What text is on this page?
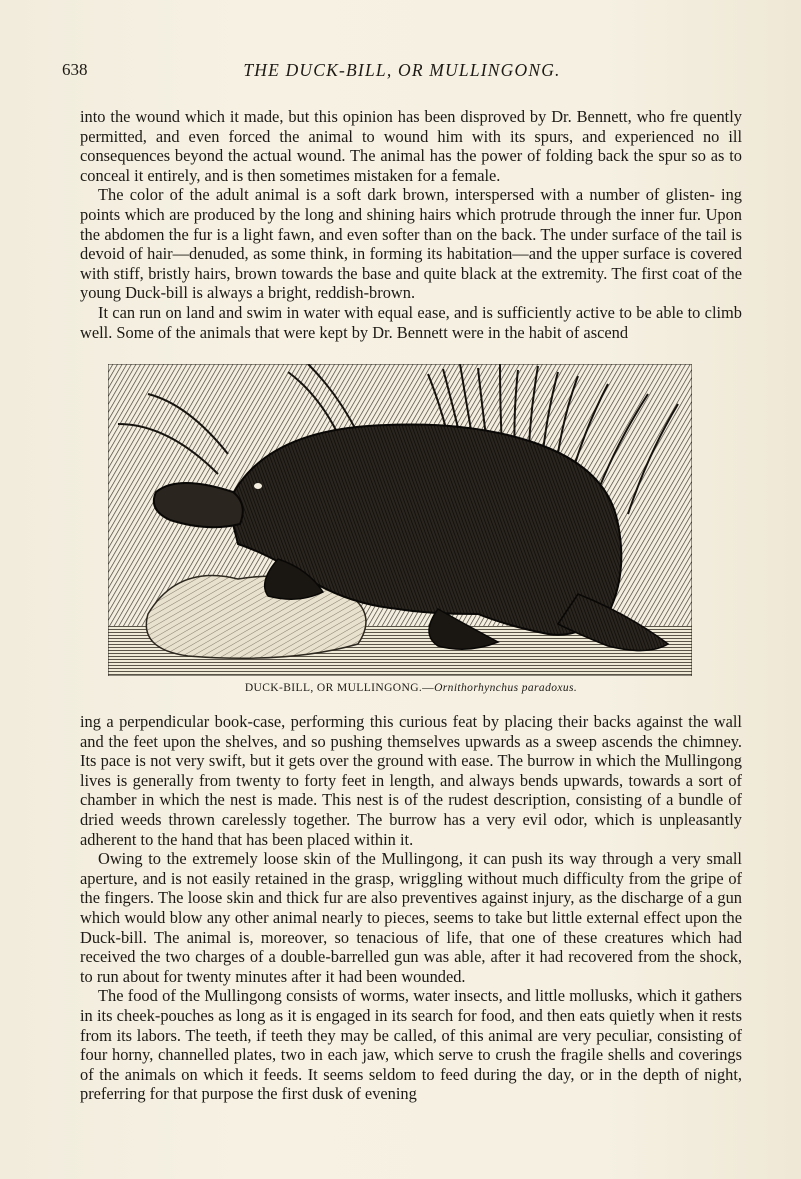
638	THE DUCK-BILL, OR MULLINGONG.

into the wound which it made, but this opinion has been disproved by Dr. Bennett, who fre quently permitted, and even forced the animal to wound him with its spurs, and experienced no ill consequences beyond the actual wound. The animal has the power of folding back the spur so as to conceal it entirely, and is then sometimes mistaken for a female.

The color of the adult animal is a soft dark brown, interspersed with a number of glisten- ing points which are produced by the long and shining hairs which protrude through the inner fur. Upon the abdomen the fur is a light fawn, and even softer than on the back. The under surface of the tail is devoid of hair—denuded, as some think, in forming its habitation—and the upper surface is covered with stiff, bristly hairs, brown towards the base and quite black at the extremity. The first coat of the young Duck-bill is always a bright, reddish-brown.

It can run on land and swim in water with equal ease, and is sufficiently active to be able to climb well. Some of the animals that were kept by Dr. Bennett were in the habit of ascend

DUCK-BILL, OR MULLINGONG.—Ornithorhynchus paradoxus.

ing a perpendicular book-case, performing this curious feat by placing their backs against the wall and the feet upon the shelves, and so pushing themselves upwards as a sweep ascends the chimney. Its pace is not very swift, but it gets over the ground with ease. The burrow in which the Mullingong lives is generally from twenty to forty feet in length, and always bends upwards, towards a sort of chamber in which the nest is made. This nest is of the rudest description, consisting of a bundle of dried weeds thrown carelessly together. The burrow has a very evil odor, which is unpleasantly adherent to the hand that has been placed within it.

Owing to the extremely loose skin of the Mullingong, it can push its way through a very small aperture, and is not easily retained in the grasp, wriggling without much difficulty from the gripe of the fingers. The loose skin and thick fur are also preventives against injury, as the discharge of a gun which would blow any other animal nearly to pieces, seems to take but little external effect upon the Duck-bill. The animal is, moreover, so tenacious of life, that one of these creatures which had received the two charges of a double-barrelled gun was able, after it had recovered from the shock, to run about for twenty minutes after it had been wounded.

The food of the Mullingong consists of worms, water insects, and little mollusks, which it gathers in its cheek-pouches as long as it is engaged in its search for food, and then eats quietly when it rests from its labors. The teeth, if teeth they may be called, of this animal are very peculiar, consisting of four horny, channelled plates, two in each jaw, which serve to crush the fragile shells and coverings of the animals on which it feeds. It seems seldom to feed during the day, or in the depth of night, preferring for that purpose the first dusk of evening
